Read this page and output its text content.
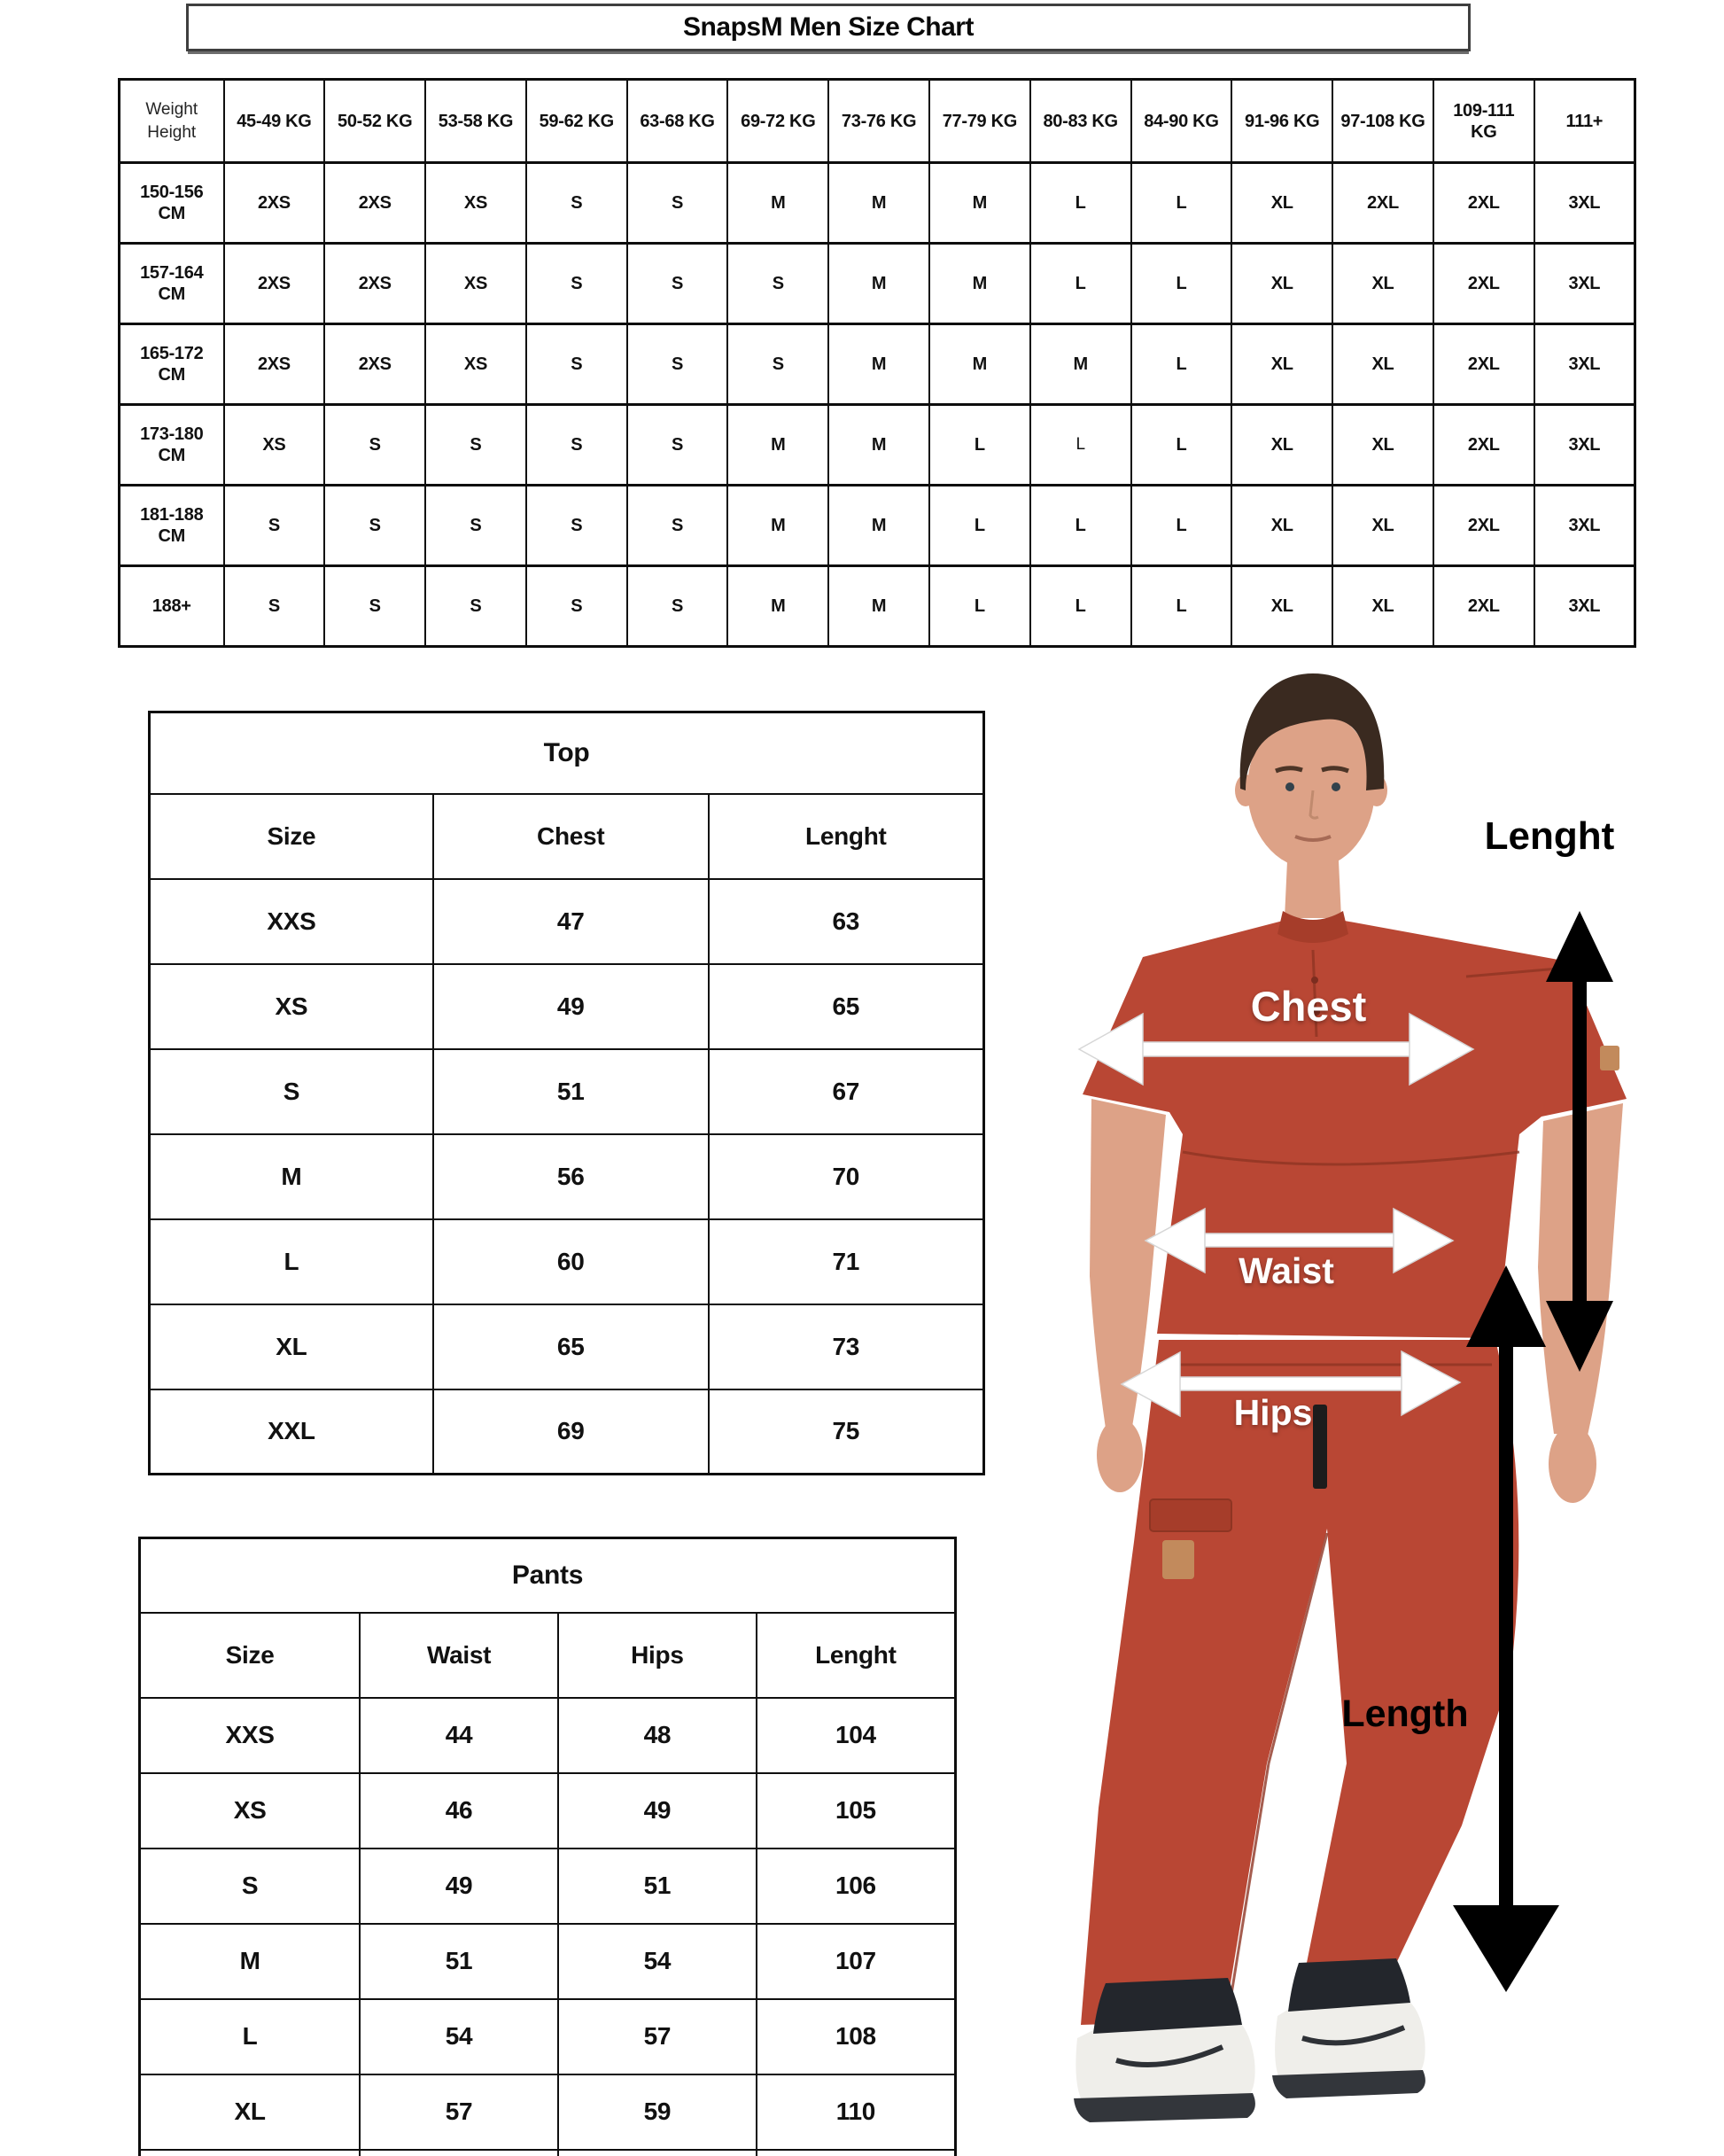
SnapsM Men Size Chart
Weight
Height	45-49 KG	50-52 KG	53-58 KG	59-62 KG	63-68 KG	69-72 KG	73-76 KG	77-79 KG	80-83 KG	84-90 KG	91-96 KG	97-108 KG	109-111 KG	111+

150-156
CM	2XS	2XS	XS	S	S	M	M	M	L	L	XL	2XL	2XL	3XL

157-164
CM	2XS	2XS	XS	S	S	S	M	M	L	L	XL	XL	2XL	3XL

165-172
CM	2XS	2XS	XS	S	S	S	M	M	M	L	XL	XL	2XL	3XL

173-180
CM	XS	S	S	S	S	M	M	L	L	L	XL	XL	2XL	3XL

181-188
CM	S	S	S	S	S	M	M	L	L	L	XL	XL	2XL	3XL

188+	S	S	S	S	S	M	M	L	L	L	XL	XL	2XL	3XL
Top		
Size	Chest	Lenght
XXS	47	63
XS	49	65
S	51	67
M	56	70
L	60	71
XL	65	73
XXL	69	75
Pants			
Size	Waist	Hips	Lenght
XXS	44	48	104
XS	46	49	105
S	49	51	106
M	51	54	107
L	54	57	108
XL	57	59	110

Lenght
Chest
Waist
Hips
Length
